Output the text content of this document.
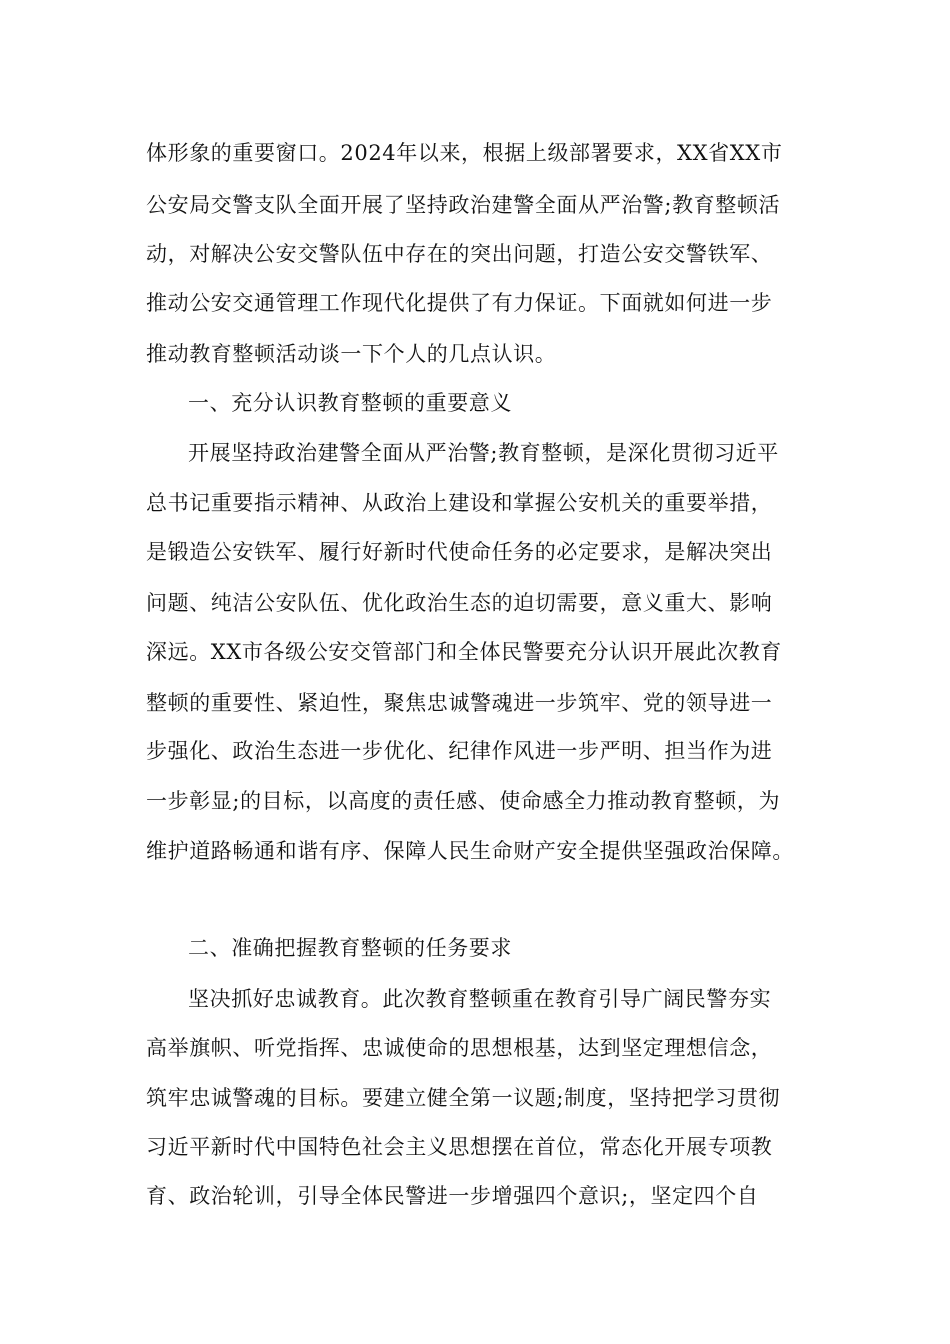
体形象的重要窗口。2024年以来，根据上级部署要求，XX省XX市
公安局交警支队全面开展了坚持政治建警全面从严治警;教育整顿活
动，对解决公安交警队伍中存在的突出问题，打造公安交警铁军、
推动公安交通管理工作现代化提供了有力保证。下面就如何进一步
推动教育整顿活动谈一下个人的几点认识。
一、充分认识教育整顿的重要意义
开展坚持政治建警全面从严治警;教育整顿，是深化贯彻习近平
总书记重要指示精神、从政治上建设和掌握公安机关的重要举措，
是锻造公安铁军、履行好新时代使命任务的必定要求，是解决突出
问题、纯洁公安队伍、优化政治生态的迫切需要，意义重大、影响
深远。XX市各级公安交管部门和全体民警要充分认识开展此次教育
整顿的重要性、紧迫性，聚焦忠诚警魂进一步筑牢、党的领导进一
步强化、政治生态进一步优化、纪律作风进一步严明、担当作为进
一步彰显;的目标，以高度的责任感、使命感全力推动教育整顿，为
维护道路畅通和谐有序、保障人民生命财产安全提供坚强政治保障。
二、准确把握教育整顿的任务要求
坚决抓好忠诚教育。此次教育整顿重在教育引导广阔民警夯实
高举旗帜、听党指挥、忠诚使命的思想根基，达到坚定理想信念，
筑牢忠诚警魂的目标。要建立健全第一议题;制度，坚持把学习贯彻
习近平新时代中国特色社会主义思想摆在首位，常态化开展专项教
育、政治轮训，引导全体民警进一步增强四个意识;，坚定四个自
